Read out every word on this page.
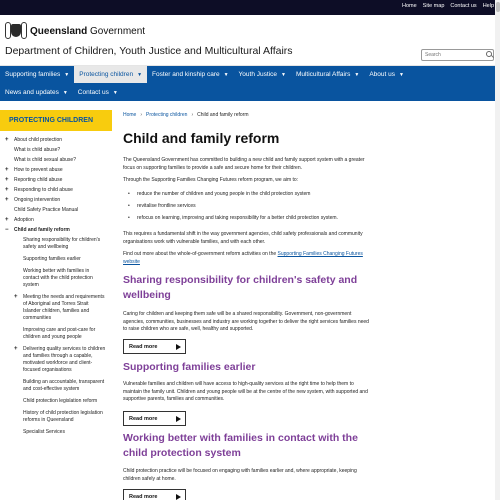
Home Site map Contact us Help
Queensland Government
Department of Children, Youth Justice and Multicultural Affairs
Search
Supporting families ▼ Protecting children ▼ Foster and kinship care ▼ Youth Justice ▼ Multicultural Affairs ▼ About us ▼
News and updates ▼ Contact us ▼
PROTECTING CHILDREN
+ About child protection
What is child abuse?
What is child sexual abuse?
+ How to prevent abuse
+ Reporting child abuse
+ Responding to child abuse
+ Ongoing intervention
Child Safety Practice Manual
+ Adoption
− Child and family reform
Sharing responsibility for children's safety and wellbeing
Supporting families earlier
Working better with families in contact with the child protection system
+ Meeting the needs and requirements of Aboriginal and Torres Strait Islander children, families and communities
Improving care and post-care for children and young people
+ Delivering quality services to children and families through a capable, motivated workforce and client-focused organisations
Building an accountable, transparent and cost-effective system
Child protection legislation reform
History of child protection legislation reforms in Queensland
Specialist Services
Home › Protecting children › Child and family reform
Child and family reform
The Queensland Government has committed to building a new child and family support system with a greater focus on supporting families to provide a safe and secure home for their children.
Through the Supporting Families Changing Futures reform program, we aim to:
• reduce the number of children and young people in the child protection system
• revitalise frontline services
• refocus on learning, improving and taking responsibility for a better child protection system.
This requires a fundamental shift in the way government agencies, child safety professionals and community organisations work with vulnerable families, and with each other.
Find out more about the whole-of-government reform activities on the Supporting Families Changing Futures website
Sharing responsibility for children's safety and wellbeing
Caring for children and keeping them safe will be a shared responsibility. Government, non-government agencies, communities, businesses and industry are working together to deliver the right services families need to raise children who are safe, well, healthy and supported.
Read more
Supporting families earlier
Vulnerable families and children will have access to high-quality services at the right time to help them to maintain the family unit. Children and young people will be at the centre of the new system, with supported and supportive parents, families and communities.
Read more
Working better with families in contact with the child protection system
Child protection practice will be focused on engaging with families earlier and, where appropriate, keeping children safely at home.
Read more
